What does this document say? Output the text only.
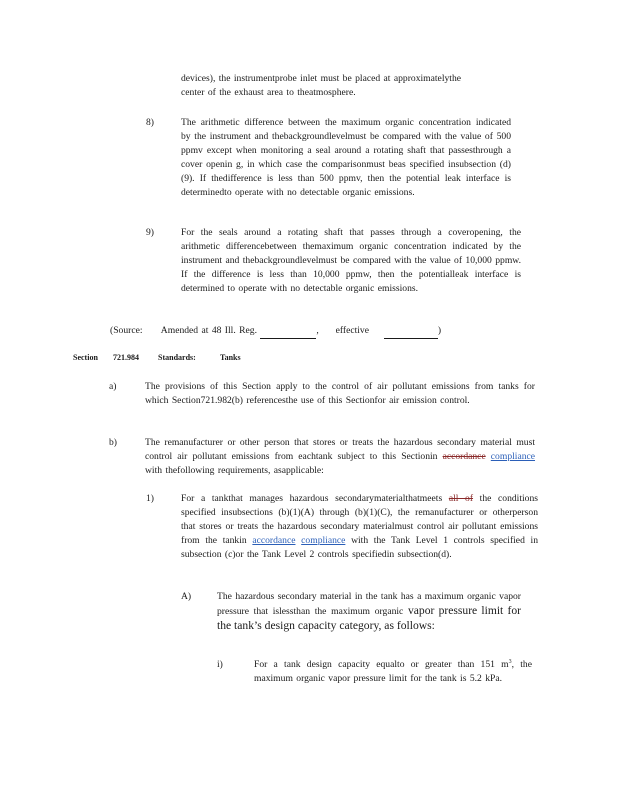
devices), the instrumentprobe inlet must be placed at approximatelythe
center of the exhaust area to theatmosphere.
8)	The arithmetic difference between the maximum organic concentration indicated by the instrument and thebackgroundlevelmust be compared with the value of 500 ppmv except when monitoring a seal around a rotating shaft that passesthrough a cover openin g, in which case the comparisonmust beas specified insubsection (d)(9). If thedifference is less than 500 ppmv, then the potential leak interface is determinedto operate with no detectable organic emissions.
9)	For the seals around a rotating shaft that passes through a coveropening, the arithmetic differencebetween themaximum organic concentration indicated by the instrument and thebackgroundlevelmust be compared with the value of 10,000 ppmw. If the difference is less than 10,000 ppmw, then the potentialleak interface is determined to operate with no detectable organic emissions.
(Source: Amended at 48 Ill. Reg.	, effective	)
Section 721.984 Standards:	Tanks
a)	The provisions of this Section apply to the control of air pollutant emissions from tanks for which Section721.982(b) referencesthe use of this Sectionfor air emission control.
b)	The remanufacturer or other person that stores or treats the hazardous secondary material must control air pollutant emissions from eachtank subject to this Sectionin accordance compliance with thefollowing requirements, asapplicable:
1)	For a tankthat manages hazardous secondarymaterialthatmeets all of the conditions specified insubsections (b)(1)(A) through (b)(1)(C), the remanufacturer or otherperson that stores or treats the hazardous secondary materialmust control air pollutant emissions from the tankin accordance compliance with the Tank Level 1 controls specified in subsection (c)or the Tank Level 2 controls specifiedin subsection(d).
A)	The hazardous secondary material in the tank has a maximum organic vapor pressure that islessthan the maximum organic vapor pressure limit for the tank’s design capacity category, as follows:
i)	For a tank design capacity equalto or greater than 151 $m^3$, the maximum organic vapor pressure limit for the tank is 5.2 kPa.
